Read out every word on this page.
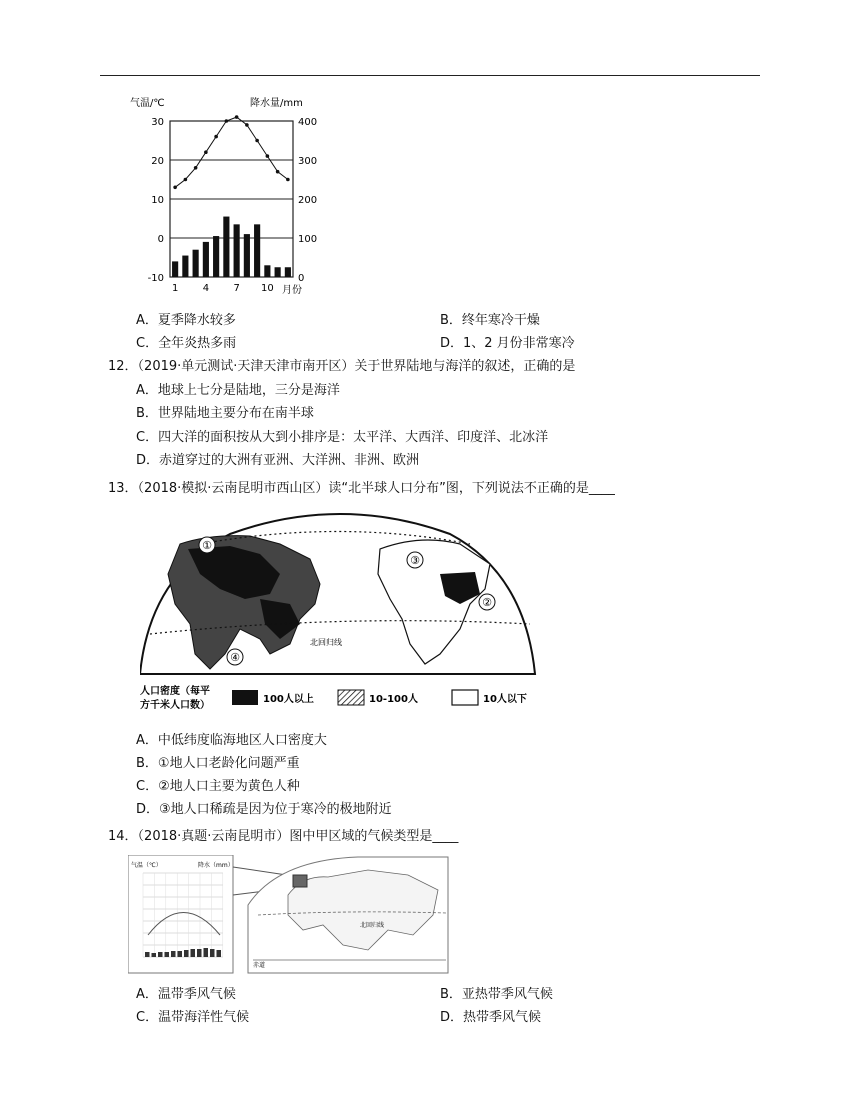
气温/℃	降水量/mm
30
20
10
0
-10
400
300
200
100
0
1 4 7 10 月份
A．夏季降水较多	B．终年寒冷干燥
C．全年炎热多雨	D．1、2 月份非常寒冷
12．（2019·单元测试·天津天津市南开区）关于世界陆地与海洋的叙述，正确的是
A．地球上七分是陆地，三分是海洋
B．世界陆地主要分布在南半球
C．四大洋的面积按从大到小排序是：太平洋、大西洋、印度洋、北冰洋
D．赤道穿过的大洲有亚洲、大洋洲、非洲、欧洲
13．（2018·模拟·云南昆明市西山区）读“北半球人口分布”图，下列说法不正确的是____
①
②
③
④
北回归线
人口密度（每平
方千米人口数）
100人以上	10-100人	10人以下
A．中低纬度临海地区人口密度大
B．①地人口老龄化问题严重
C．②地人口主要为黄色人种
D．③地人口稀疏是因为位于寒冷的极地附近
14．（2018·真题·云南昆明市）图中甲区域的气候类型是____
气温（℃）	降水（mm）
北回归线
赤道
A．温带季风气候	B．亚热带季风气候
C．温带海洋性气候	D．热带季风气候
